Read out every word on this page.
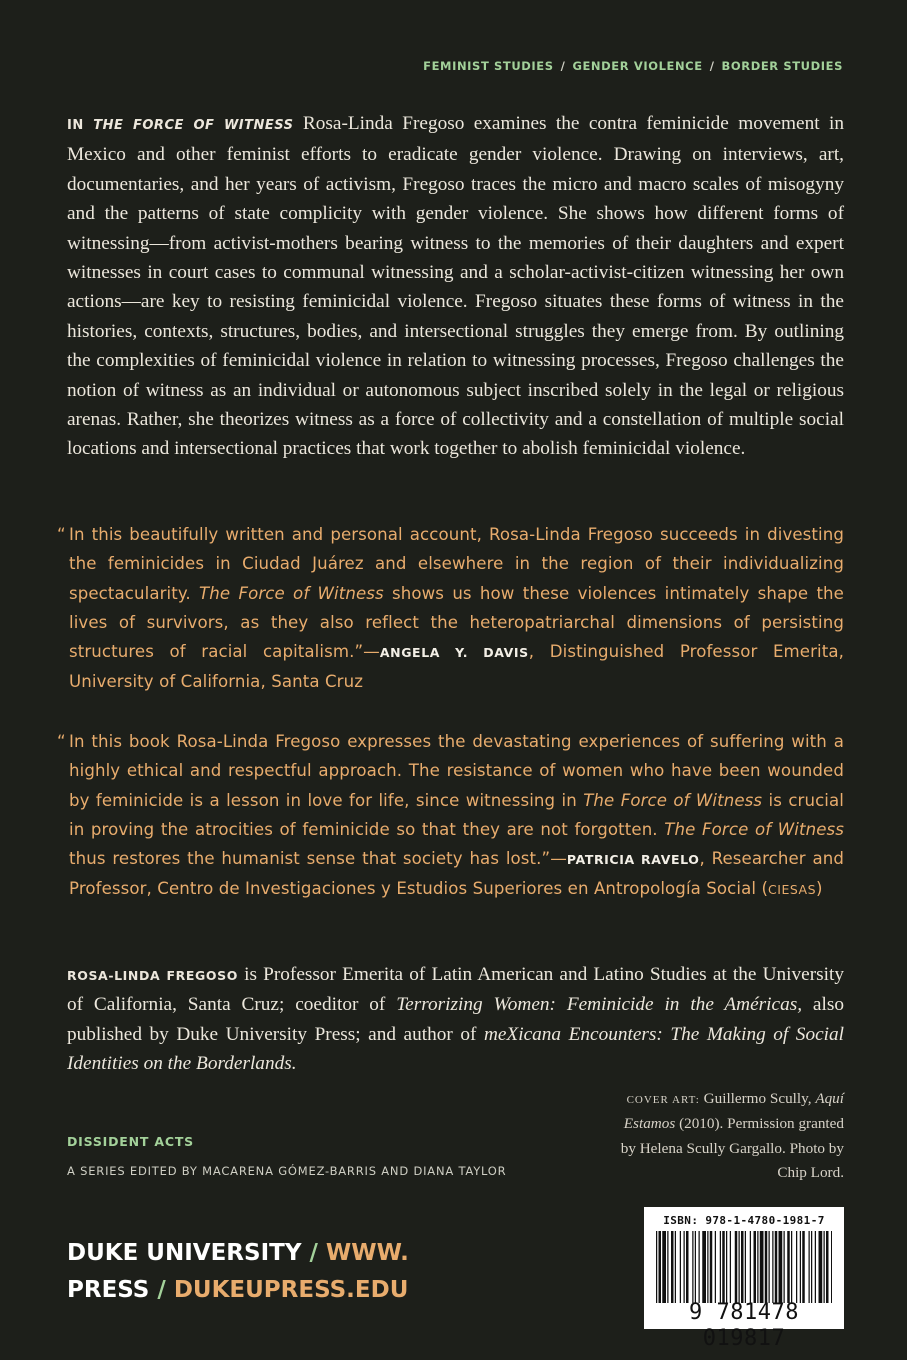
FEMINIST STUDIES / GENDER VIOLENCE / BORDER STUDIES

IN THE FORCE OF WITNESS Rosa-Linda Fregoso examines the contra feminicide movement in Mexico and other feminist efforts to eradicate gender violence. Drawing on interviews, art, documentaries, and her years of activism, Fregoso traces the micro and macro scales of misogyny and the patterns of state complicity with gender violence. She shows how different forms of witnessing—from activist-mothers bearing witness to the memories of their daughters and expert witnesses in court cases to communal witnessing and a scholar-activist-citizen witnessing her own actions—are key to resisting feminicidal violence. Fregoso situates these forms of witness in the histories, contexts, structures, bodies, and intersectional struggles they emerge from. By outlining the complexities of feminicidal violence in relation to witnessing processes, Fregoso challenges the notion of witness as an individual or autonomous subject inscribed solely in the legal or religious arenas. Rather, she theorizes witness as a force of collectivity and a constellation of multiple social locations and intersectional practices that work together to abolish feminicidal violence.

“ In this beautifully written and personal account, Rosa-Linda Fregoso succeeds in divesting the feminicides in Ciudad Juárez and elsewhere in the region of their individualizing spectacularity. The Force of Witness shows us how these violences intimately shape the lives of survivors, as they also reflect the heteropatriarchal dimensions of persisting structures of racial capitalism.”—ANGELA Y. DAVIS, Distinguished Professor Emerita, University of California, Santa Cruz

“ In this book Rosa-Linda Fregoso expresses the devastating experiences of suffering with a highly ethical and respectful approach. The resistance of women who have been wounded by feminicide is a lesson in love for life, since witnessing in The Force of Witness is crucial in proving the atrocities of feminicide so that they are not forgotten. The Force of Witness thus restores the humanist sense that society has lost.”—PATRICIA RAVELO, Researcher and Professor, Centro de Investigaciones y Estudios Superiores en Antropología Social (CIESAS)

ROSA-LINDA FREGOSO is Professor Emerita of Latin American and Latino Studies at the University of California, Santa Cruz; coeditor of Terrorizing Women: Feminicide in the Américas, also published by Duke University Press; and author of meXicana Encounters: The Making of Social Identities on the Borderlands.

COVER ART: Guillermo Scully, Aquí Estamos (2010). Permission granted by Helena Scully Gargallo. Photo by Chip Lord.

DISSIDENT ACTS
A SERIES EDITED BY MACARENA GÓMEZ-BARRIS AND DIANA TAYLOR
DUKE UNIVERSITY / WWW.
PRESS / DUKEUPRESS.EDU
ISBN: 978-1-4780-1981-7
9 781478 019817
